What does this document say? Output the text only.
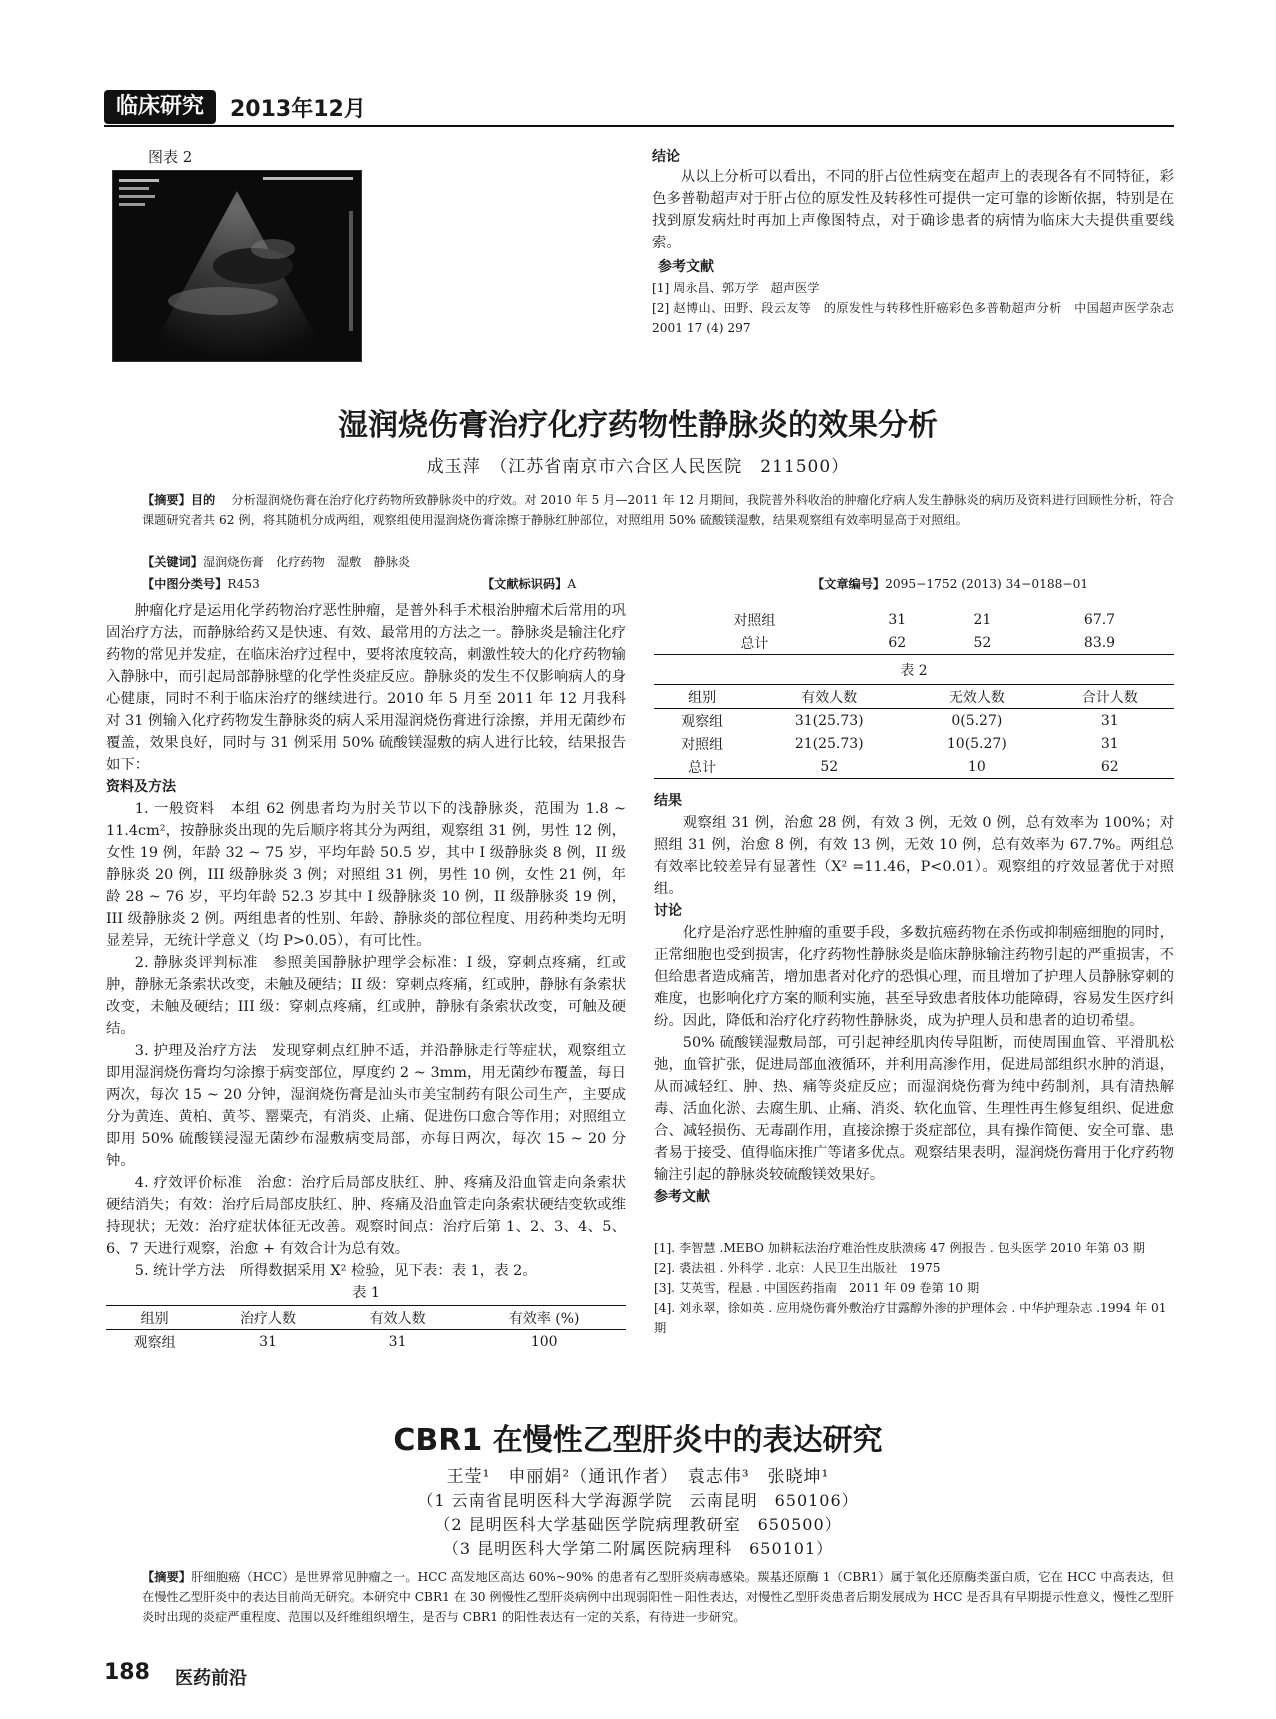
临床研究	2013年12月
图表 2	结论

从以上分析可以看出，不同的肝占位性病变在超声上的表现各有不同特征，彩色多普勒超声对于肝占位的原发性及转移性可提供一定可靠的诊断依据，特别是在找到原发病灶时再加上声像图特点，对于确诊患者的病情为临床大夫提供重要线索。

参考文献
[1] 周永昌、郭万学　超声医学
[2] 赵博山、田野、段云友等　的原发性与转移性肝癌彩色多普勒超声分析　中国超声医学杂志 2001 17 (4) 297
湿润烧伤膏治疗化疗药物性静脉炎的效果分析
成玉萍　（江苏省南京市六合区人民医院　211500）
【摘要】目的　 分析湿润烧伤膏在治疗化疗药物所致静脉炎中的疗效。对 2010 年 5 月—2011 年 12 月期间，我院普外科收治的肿瘤化疗病人发生静脉炎的病历及资料进行回顾性分析，符合课题研究者共 62 例，将其随机分成两组，观察组使用湿润烧伤膏涂擦于静脉红肿部位，对照组用 50% 硫酸镁湿敷，结果观察组有效率明显高于对照组。
【关键词】湿润烧伤膏　化疗药物　湿敷　静脉炎
【中图分类号】R453	【文献标识码】A	【文章编号】2095−1752 (2013) 34−0188−01

肿瘤化疗是运用化学药物治疗恶性肿瘤，是普外科手术根治肿瘤术后常用的巩固治疗方法，而静脉给药又是快速、有效、最常用的方法之一。静脉炎是输注化疗药物的常见并发症，在临床治疗过程中，要将浓度较高，刺激性较大的化疗药物输入静脉中，而引起局部静脉壁的化学性炎症反应。静脉炎的发生不仅影响病人的身心健康，同时不利于临床治疗的继续进行。2010 年 5 月至 2011 年 12 月我科对 31 例输入化疗药物发生静脉炎的病人采用湿润烧伤膏进行涂擦，并用无菌纱布覆盖，效果良好，同时与 31 例采用 50% 硫酸镁湿敷的病人进行比较，结果报告如下：

资料及方法

1. 一般资料　本组 62 例患者均为肘关节以下的浅静脉炎，范围为 1.8 ~ 11.4cm²，按静脉炎出现的先后顺序将其分为两组，观察组 31 例，男性 12 例，女性 19 例，年龄 32 ~ 75 岁，平均年龄 50.5 岁，其中 I 级静脉炎 8 例，II 级静脉炎 20 例，III 级静脉炎 3 例；对照组 31 例，男性 10 例，女性 21 例，年龄 28 ~ 76 岁，平均年龄 52.3 岁其中 I 级静脉炎 10 例，II 级静脉炎 19 例，III 级静脉炎 2 例。两组患者的性别、年龄、静脉炎的部位程度、用药种类均无明显差异，无统计学意义（均 P>0.05），有可比性。

2. 静脉炎评判标准　参照美国静脉护理学会标准：I 级，穿刺点疼痛，红或肿，静脉无条索状改变，未触及硬结；II 级：穿刺点疼痛，红或肿，静脉有条索状改变，未触及硬结；III 级：穿刺点疼痛，红或肿，静脉有条索状改变，可触及硬结。

3. 护理及治疗方法　发现穿刺点红肿不适，并沿静脉走行等症状，观察组立即用湿润烧伤膏均匀涂擦于病变部位，厚度约 2 ~ 3mm，用无菌纱布覆盖，每日两次，每次 15 ~ 20 分钟，湿润烧伤膏是汕头市美宝制药有限公司生产，主要成分为黄连、黄柏、黄芩、罂粟壳，有消炎、止痛、促进伤口愈合等作用；对照组立即用 50% 硫酸镁浸湿无菌纱布湿敷病变局部，亦每日两次，每次 15 ~ 20 分钟。

4. 疗效评价标准　治愈：治疗后局部皮肤红、肿、疼痛及沿血管走向条索状硬结消失；有效：治疗后局部皮肤红、肿、疼痛及沿血管走向条索状硬结变软或维持现状；无效：治疗症状体征无改善。观察时间点：治疗后第 1、2、3、4、5、6、7 天进行观察，治愈 + 有效合计为总有效。

5. 统计学方法　所得数据采用 X² 检验，见下表：表 1，表 2。

表 1

组别	治疗人数	有效人数	有效率 (%)
观察组	31	31	100
对照组	31	21	67.7
总计	62	52	83.9
表 2
组别	有效人数	无效人数	合计人数
观察组	31(25.73)	0(5.27)	31
对照组	21(25.73)	10(5.27)	31
总计	52	10	62

结果

观察组 31 例，治愈 28 例，有效 3 例，无效 0 例，总有效率为 100%；对照组 31 例，治愈 8 例，有效 13 例，无效 10 例，总有效率为 67.7%。两组总有效率比较差异有显著性（X² =11.46，P<0.01）。观察组的疗效显著优于对照组。

讨论

化疗是治疗恶性肿瘤的重要手段，多数抗癌药物在杀伤或抑制癌细胞的同时，正常细胞也受到损害，化疗药物性静脉炎是临床静脉输注药物引起的严重损害，不但给患者造成痛苦，增加患者对化疗的恐惧心理，而且增加了护理人员静脉穿刺的难度，也影响化疗方案的顺利实施，甚至导致患者肢体功能障碍，容易发生医疗纠纷。因此，降低和治疗化疗药物性静脉炎，成为护理人员和患者的迫切希望。

50% 硫酸镁湿敷局部，可引起神经肌肉传导阻断，而使周围血管、平滑肌松弛，血管扩张，促进局部血液循环，并利用高渗作用，促进局部组织水肿的消退，从而减轻红、肿、热、痛等炎症反应；而湿润烧伤膏为纯中药制剂，具有清热解毒、活血化淤、去腐生肌、止痛、消炎、软化血管、生理性再生修复组织、促进愈合、减轻损伤、无毒副作用，直接涂擦于炎症部位，具有操作简便、安全可靠、患者易于接受、值得临床推广等诸多优点。观察结果表明，湿润烧伤膏用于化疗药物输注引起的静脉炎较硫酸镁效果好。

参考文献

[1]. 李智慧 .MEBO 加耕耘法治疗难治性皮肤溃疡 47 例报告 . 包头医学 2010 年第 03 期
[2]. 裘法祖 . 外科学 . 北京：人民卫生出版社　1975
[3]. 艾英雪，程悬 . 中国医药指南　2011 年 09 卷第 10 期
[4]. 刘永翠，徐如英 . 应用烧伤膏外敷治疗甘露醇外渗的护理体会 . 中华护理杂志 .1994 年 01 期
CBR1 在慢性乙型肝炎中的表达研究
王莹¹　申丽娟²（通讯作者）　袁志伟³　张晓坤¹
（1 云南省昆明医科大学海源学院　云南昆明　650106）
（2 昆明医科大学基础医学院病理教研室　650500）
（3 昆明医科大学第二附属医院病理科　650101）
【摘要】肝细胞癌（HCC）是世界常见肿瘤之一。HCC 高发地区高达 60%~90% 的患者有乙型肝炎病毒感染。羰基还原酶 1（CBR1）属于氧化还原酶类蛋白质，它在 HCC 中高表达，但在慢性乙型肝炎中的表达目前尚无研究。本研究中 CBR1 在 30 例慢性乙型肝炎病例中出现弱阳性－阳性表达，对慢性乙型肝炎患者后期发展成为 HCC 是否具有早期提示性意义，慢性乙型肝炎时出现的炎症严重程度、范围以及纤维组织增生，是否与 CBR1 的阳性表达有一定的关系，有待进一步研究。
188 医药前沿
